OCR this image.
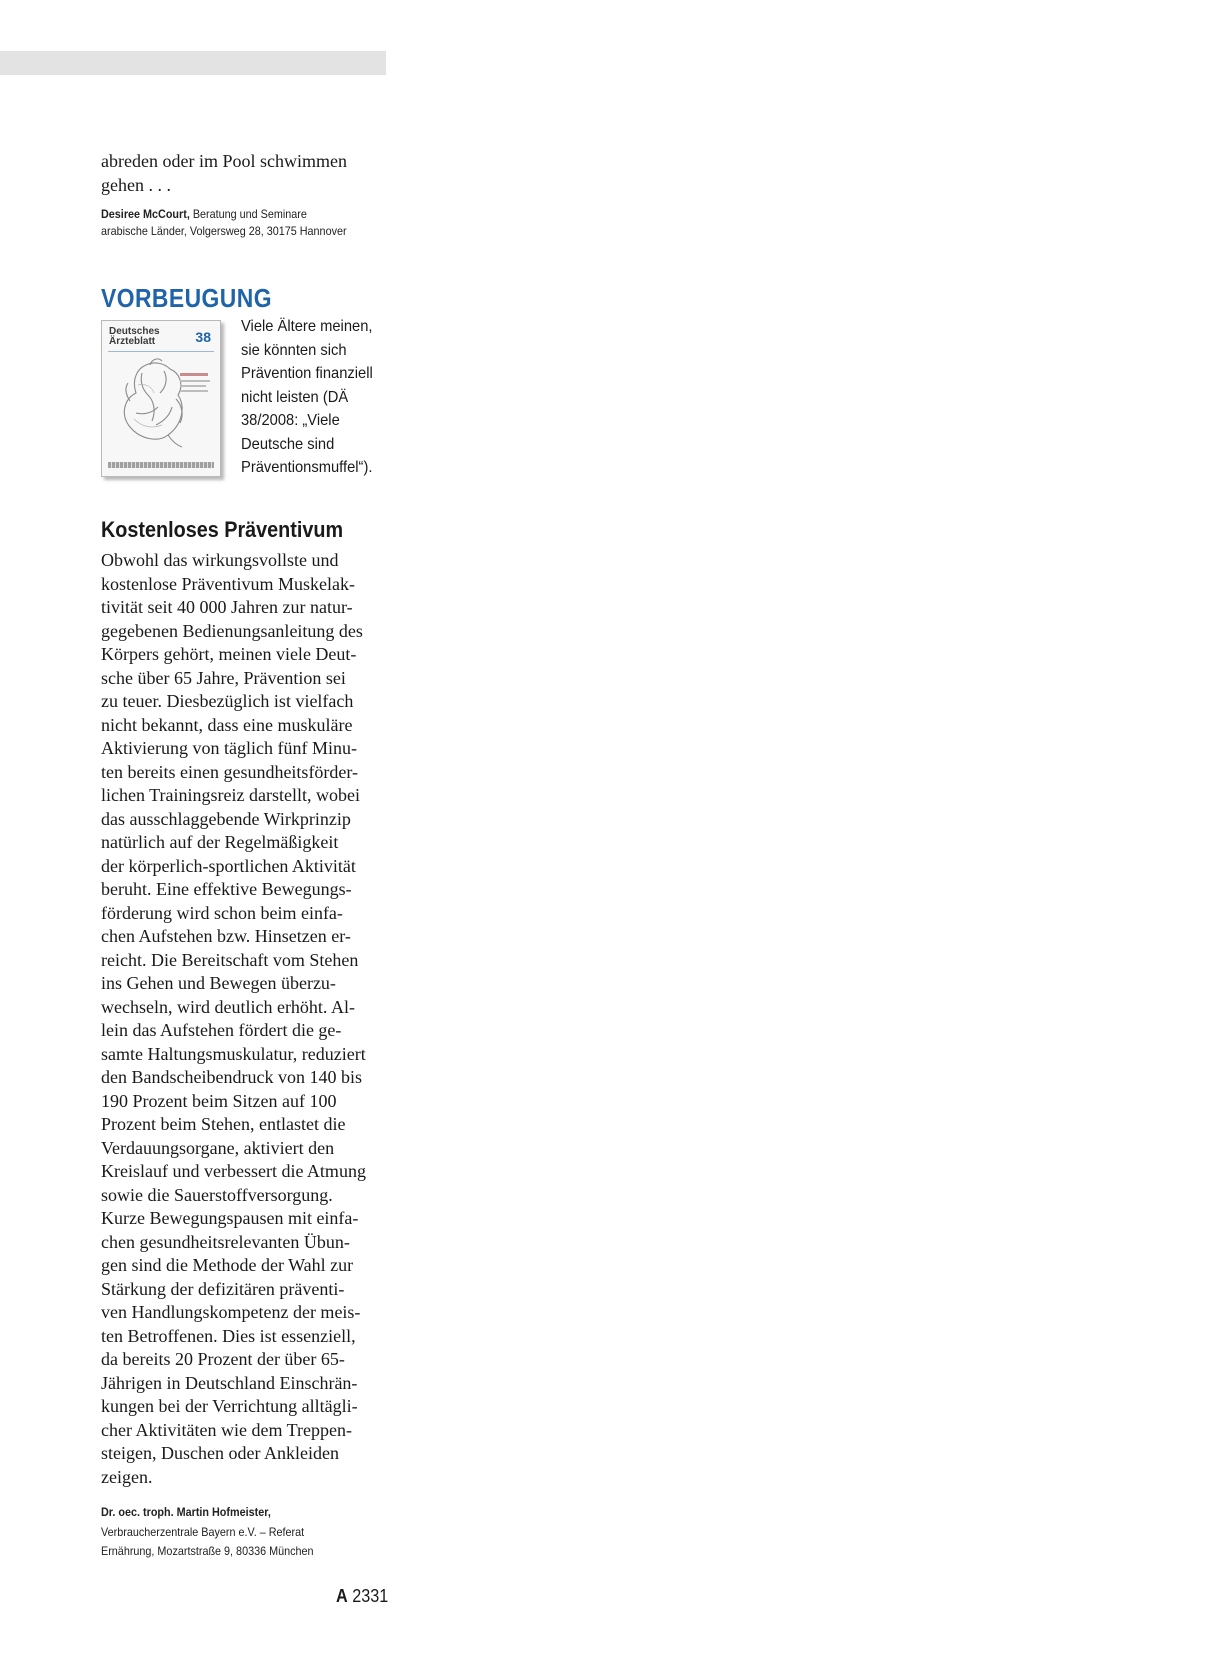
abreden oder im Pool schwimmen
gehen . . .
Desiree McCourt, Beratung und Seminare
arabische Länder, Volgersweg 28, 30175 Hannover
VORBEUGUNG
Deutsches
Ärzteblatt	38
Viele Ältere meinen,
sie könnten sich
Prävention finanziell
nicht leisten (DÄ
38/2008: „Viele
Deutsche sind
Präventionsmuffel“).
Kostenloses Präventivum
Obwohl das wirkungsvollste und
kostenlose Präventivum Muskelak-
tivität seit 40 000 Jahren zur natur-
gegebenen Bedienungsanleitung des
Körpers gehört, meinen viele Deut-
sche über 65 Jahre, Prävention sei
zu teuer. Diesbezüglich ist vielfach
nicht bekannt, dass eine muskuläre
Aktivierung von täglich fünf Minu-
ten bereits einen gesundheitsförder-
lichen Trainingsreiz darstellt, wobei
das ausschlaggebende Wirkprinzip
natürlich auf der Regelmäßigkeit
der körperlich-sportlichen Aktivität
beruht. Eine effektive Bewegungs-
förderung wird schon beim einfa-
chen Aufstehen bzw. Hinsetzen er-
reicht. Die Bereitschaft vom Stehen
ins Gehen und Bewegen überzu-
wechseln, wird deutlich erhöht. Al-
lein das Aufstehen fördert die ge-
samte Haltungsmuskulatur, reduziert
den Bandscheibendruck von 140 bis
190 Prozent beim Sitzen auf 100
Prozent beim Stehen, entlastet die
Verdauungsorgane, aktiviert den
Kreislauf und verbessert die Atmung
sowie die Sauerstoffversorgung.
Kurze Bewegungspausen mit einfa-
chen gesundheitsrelevanten Übun-
gen sind die Methode der Wahl zur
Stärkung der defizitären präventi-
ven Handlungskompetenz der meis-
ten Betroffenen. Dies ist essenziell,
da bereits 20 Prozent der über 65-
Jährigen in Deutschland Einschrän-
kungen bei der Verrichtung alltägli-
cher Aktivitäten wie dem Treppen-
steigen, Duschen oder Ankleiden
zeigen.
Dr. oec. troph. Martin Hofmeister,
Verbraucherzentrale Bayern e.V. – Referat
Ernährung, Mozartstraße 9, 80336 München
A 2331
